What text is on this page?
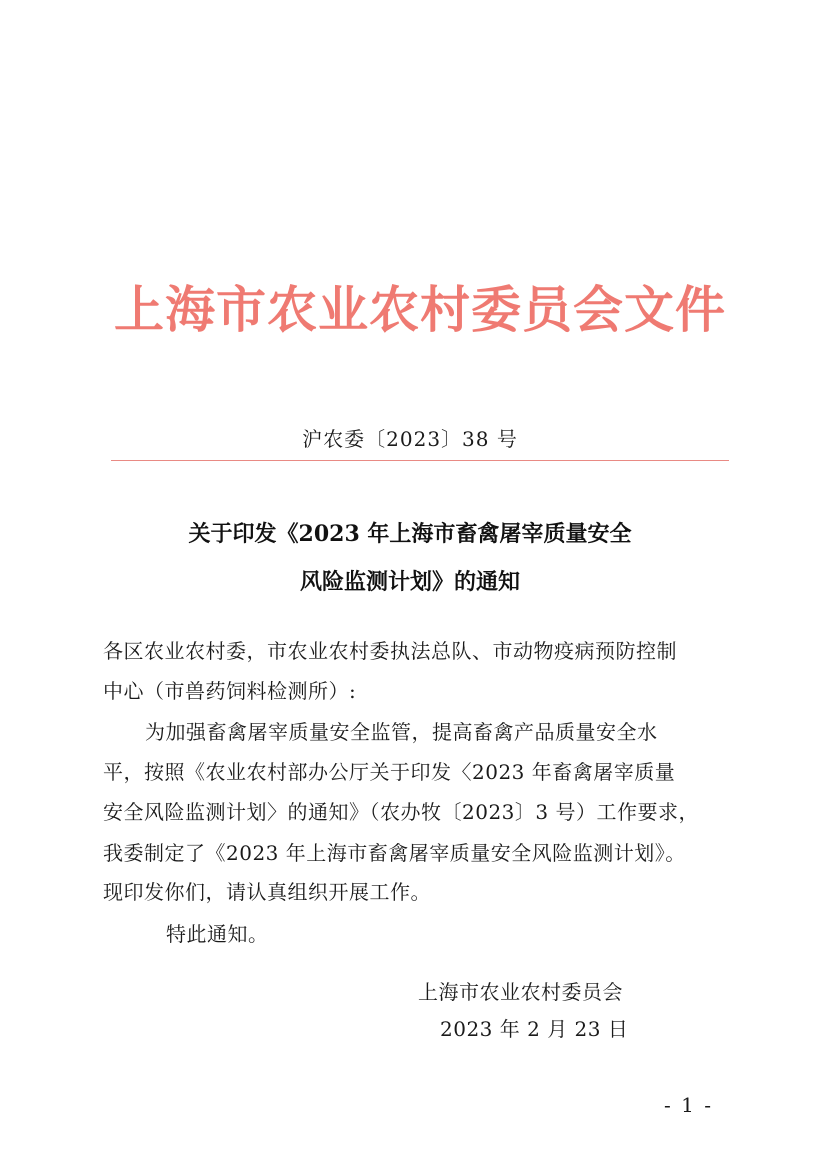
上海市农业农村委员会文件
沪农委〔2023〕38 号
关于印发《2023 年上海市畜禽屠宰质量安全
风险监测计划》的通知
各区农业农村委，市农业农村委执法总队、市动物疫病预防控制
中心（市兽药饲料检测所）:
为加强畜禽屠宰质量安全监管，提高畜禽产品质量安全水
平，按照《农业农村部办公厅关于印发〈2023 年畜禽屠宰质量
安全风险监测计划〉的通知》（农办牧〔2023〕3 号）工作要求，
我委制定了《2023 年上海市畜禽屠宰质量安全风险监测计划》。
现印发你们，请认真组织开展工作。
特此通知。
上海市农业农村委员会
2023 年 2 月 23 日
- 1 -
